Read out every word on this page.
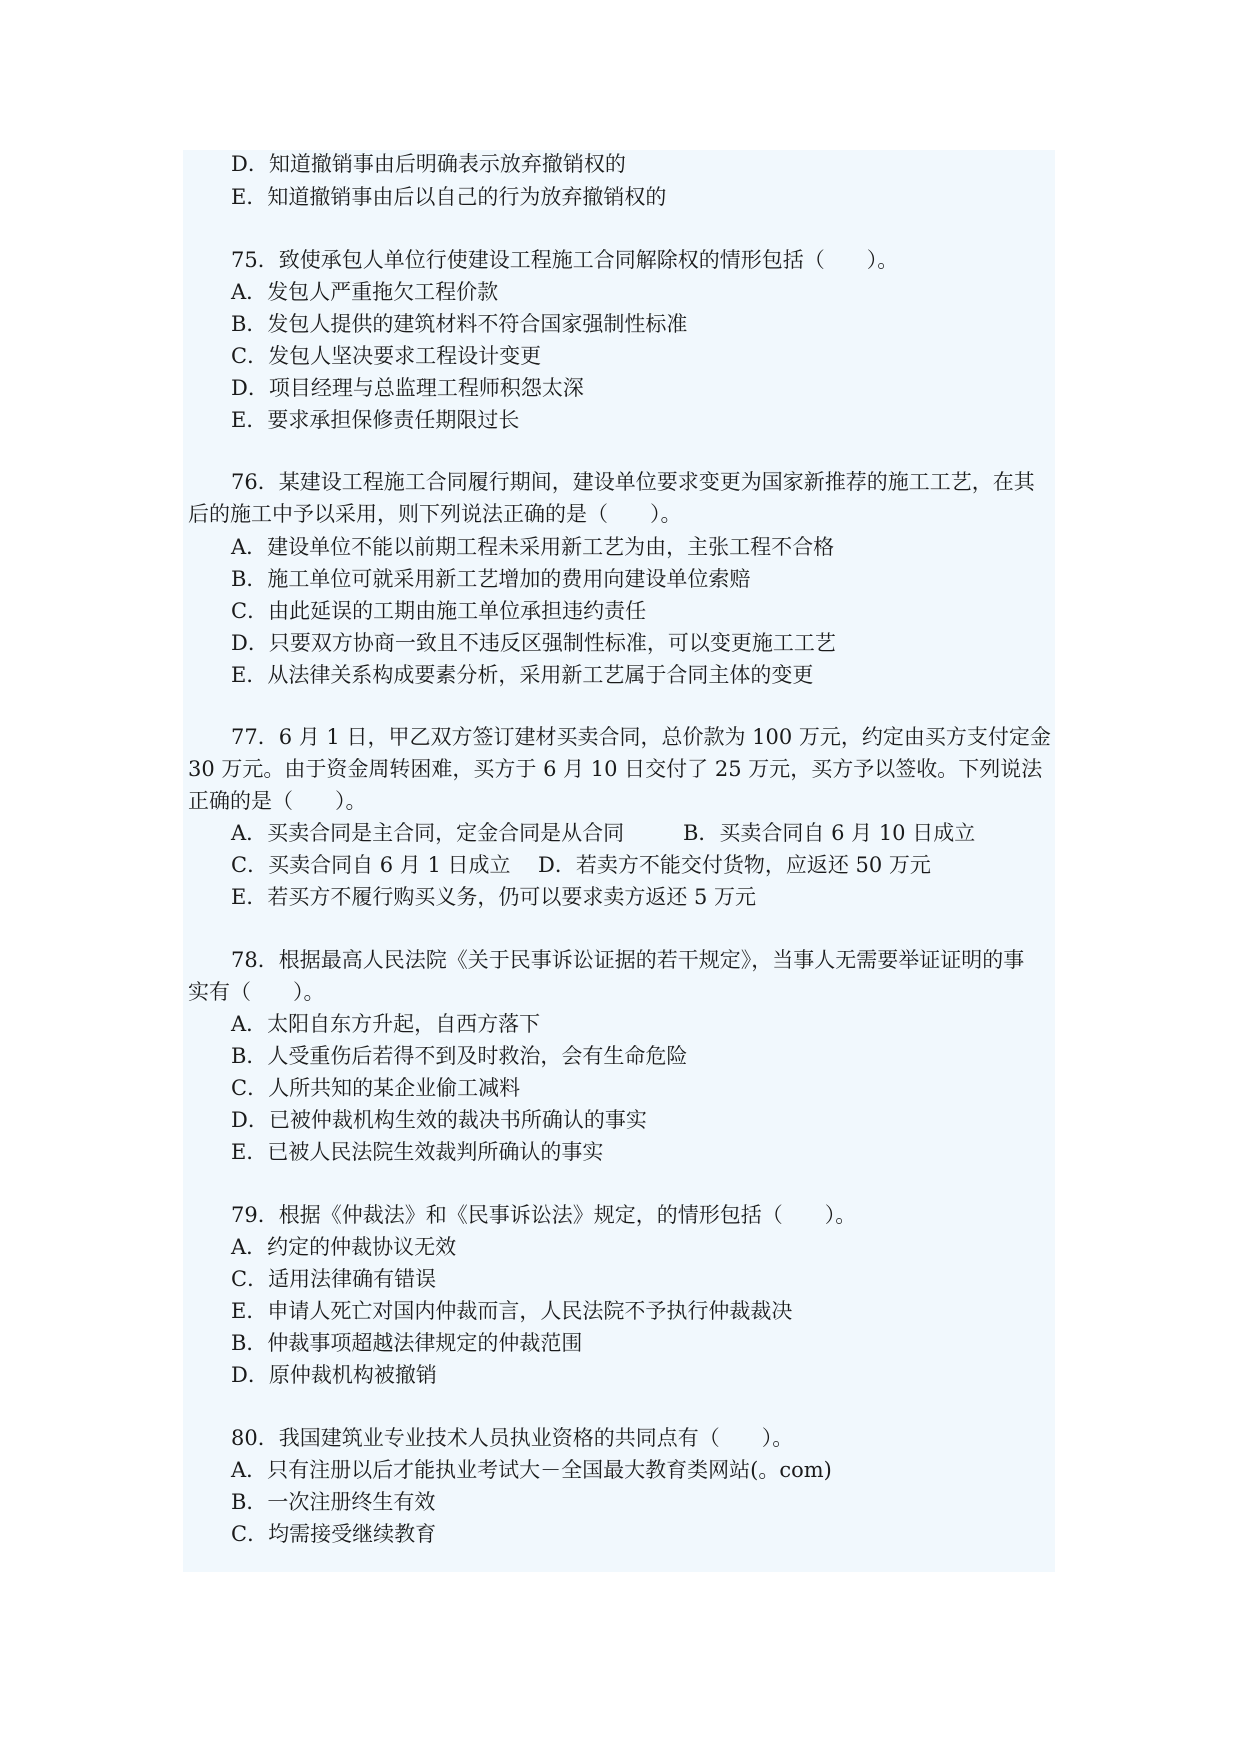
D．知道撤销事由后明确表示放弃撤销权的
E．知道撤销事由后以自己的行为放弃撤销权的
75．致使承包人单位行使建设工程施工合同解除权的情形包括（　　）。
A．发包人严重拖欠工程价款
B．发包人提供的建筑材料不符合国家强制性标准
C．发包人坚决要求工程设计变更
D．项目经理与总监理工程师积怨太深
E．要求承担保修责任期限过长
76．某建设工程施工合同履行期间，建设单位要求变更为国家新推荐的施工工艺，在其
后的施工中予以采用，则下列说法正确的是（　　）。
A．建设单位不能以前期工程未采用新工艺为由，主张工程不合格
B．施工单位可就采用新工艺增加的费用向建设单位索赔
C．由此延误的工期由施工单位承担违约责任
D．只要双方协商一致且不违反区强制性标准，可以变更施工工艺
E．从法律关系构成要素分析，采用新工艺属于合同主体的变更
77．6 月 1 日，甲乙双方签订建材买卖合同，总价款为 100 万元，约定由买方支付定金
30 万元。由于资金周转困难，买方于 6 月 10 日交付了 25 万元，买方予以签收。下列说法
正确的是（　　）。
A．买卖合同是主合同，定金合同是从合同	B．买卖合同自 6 月 10 日成立
C．买卖合同自 6 月 1 日成立 D．若卖方不能交付货物，应返还 50 万元
E．若买方不履行购买义务，仍可以要求卖方返还 5 万元
78．根据最高人民法院《关于民事诉讼证据的若干规定》，当事人无需要举证证明的事
实有（　　）。
A．太阳自东方升起，自西方落下
B．人受重伤后若得不到及时救治，会有生命危险
C．人所共知的某企业偷工减料
D．已被仲裁机构生效的裁决书所确认的事实
E．已被人民法院生效裁判所确认的事实
79．根据《仲裁法》和《民事诉讼法》规定，的情形包括（　　）。
A．约定的仲裁协议无效
C．适用法律确有错误
E．申请人死亡对国内仲裁而言，人民法院不予执行仲裁裁决
B．仲裁事项超越法律规定的仲裁范围
D．原仲裁机构被撤销
80．我国建筑业专业技术人员执业资格的共同点有（　　）。
A．只有注册以后才能执业考试大－全国最大教育类网站(。com)
B．一次注册终生有效
C．均需接受继续教育
